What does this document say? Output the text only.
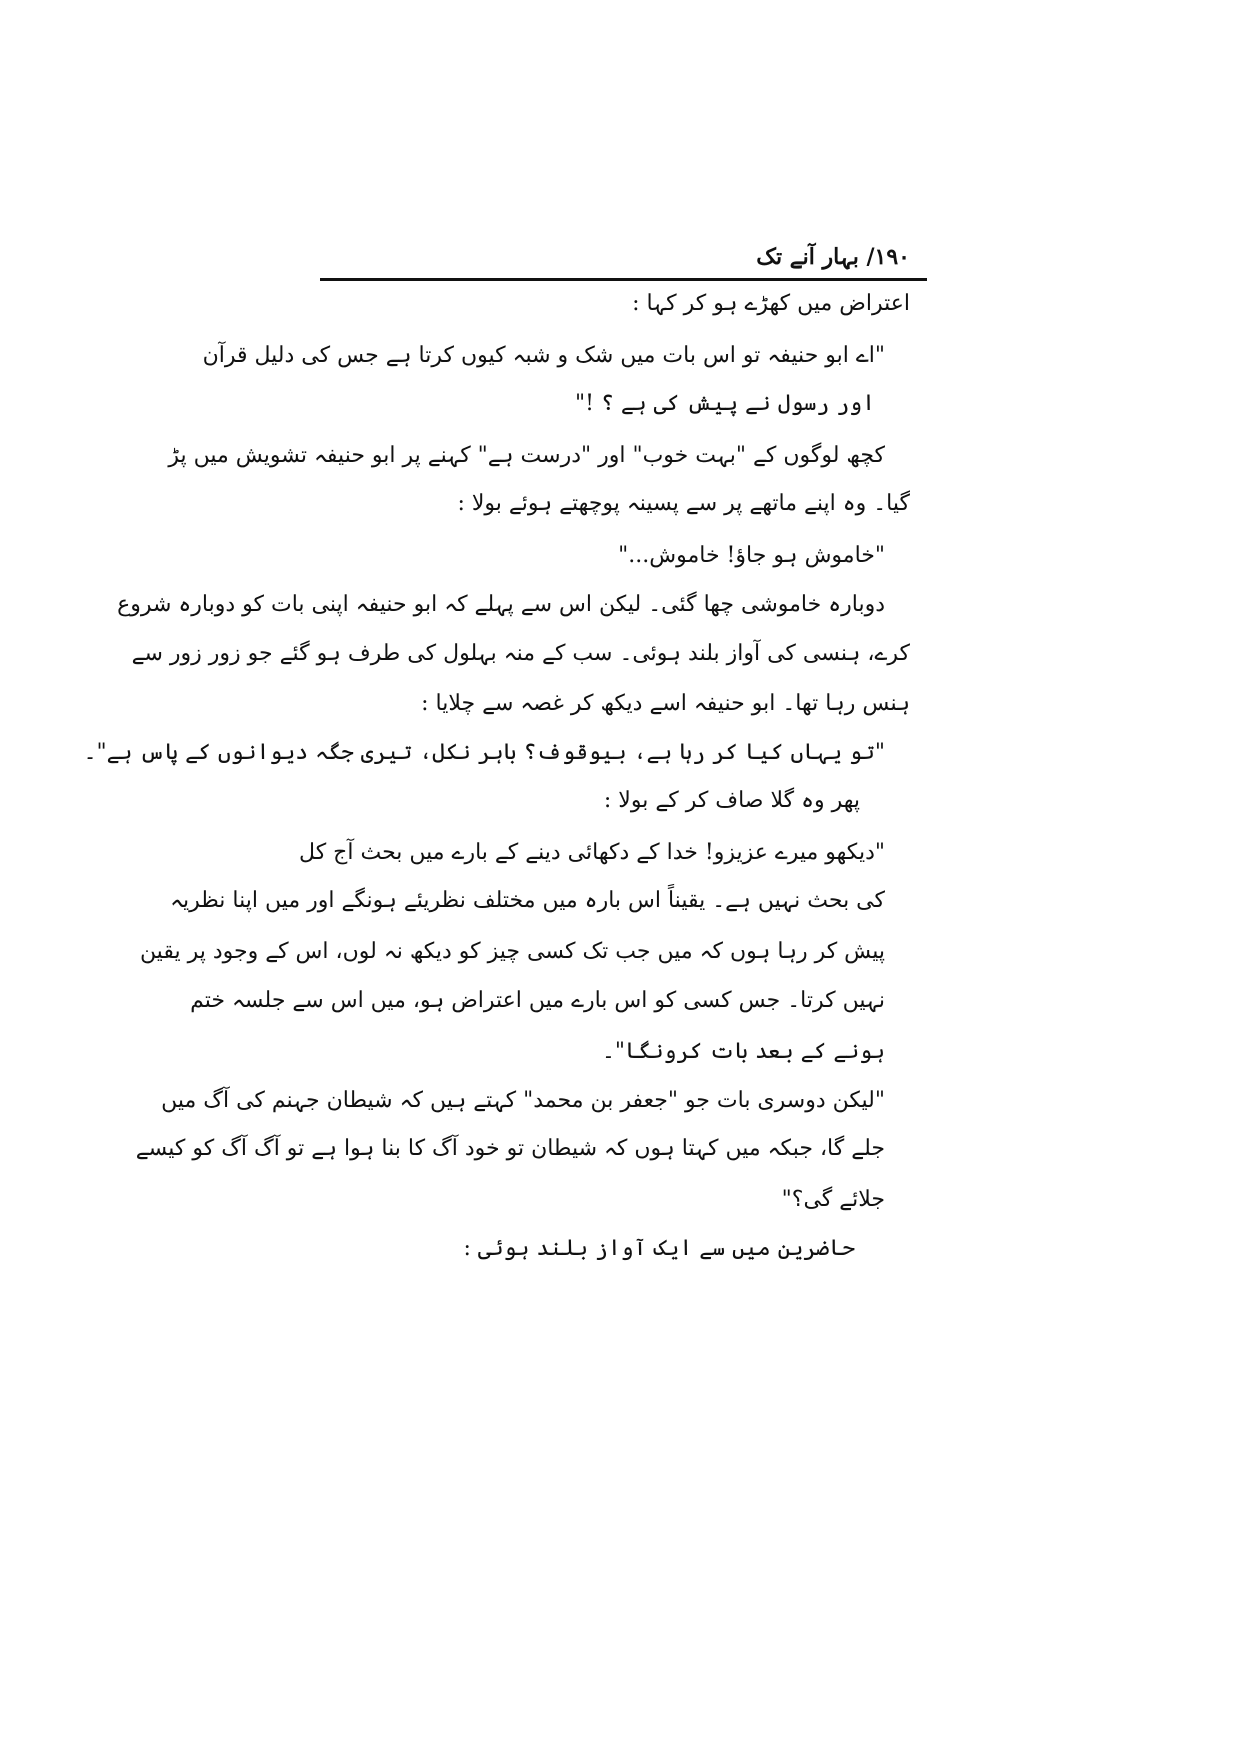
۱۹۰/ بہار آنے تک
اعتراض میں کھڑے ہو کر کہا :
"اے ابو حنیفہ تو اس بات میں شک و شبہ کیوں کرتا ہے جس کی دلیل قرآن
اور رسول نے پیش کی ہے ؟ !"
کچھ لوگوں کے "بہت خوب" اور "درست ہے" کہنے پر ابو حنیفہ تشویش میں پڑ
گیا۔ وہ اپنے ماتھے پر سے پسینہ پوچھتے ہوئے بولا :
"خاموش ہو جاؤ! خاموش..."
دوبارہ خاموشی چھا گئی۔ لیکن اس سے پہلے کہ ابو حنیفہ اپنی بات کو دوبارہ شروع
کرے، ہنسی کی آواز بلند ہوئی۔ سب کے منہ بہلول کی طرف ہو گئے جو زور زور سے
ہنس رہا تھا۔ ابو حنیفہ اسے دیکھ کر غصہ سے چلایا :
"تو یہاں کیا کر رہا ہے، بیوقوف؟ باہر نکل، تیری جگہ دیوانوں کے پاس ہے"۔
پھر وہ گلا صاف کر کے بولا :
"دیکھو میرے عزیزو! خدا کے دکھائی دینے کے بارے میں بحث آج کل
کی بحث نہیں ہے۔ یقیناً اس بارہ میں مختلف نظریئے ہونگے اور میں اپنا نظریہ
پیش کر رہا ہوں کہ میں جب تک کسی چیز کو دیکھ نہ لوں، اس کے وجود پر یقین
نہیں کرتا۔ جس کسی کو اس بارے میں اعتراض ہو، میں اس سے جلسہ ختم
ہونے کے بعد بات کرونگا"۔
"لیکن دوسری بات جو "جعفر بن محمد" کہتے ہیں کہ شیطان جہنم کی آگ میں
جلے گا، جبکہ میں کہتا ہوں کہ شیطان تو خود آگ کا بنا ہوا ہے تو آگ آگ کو کیسے
جلائے گی؟"
حاضرین میں سے ایک آواز بلند ہوئی :
